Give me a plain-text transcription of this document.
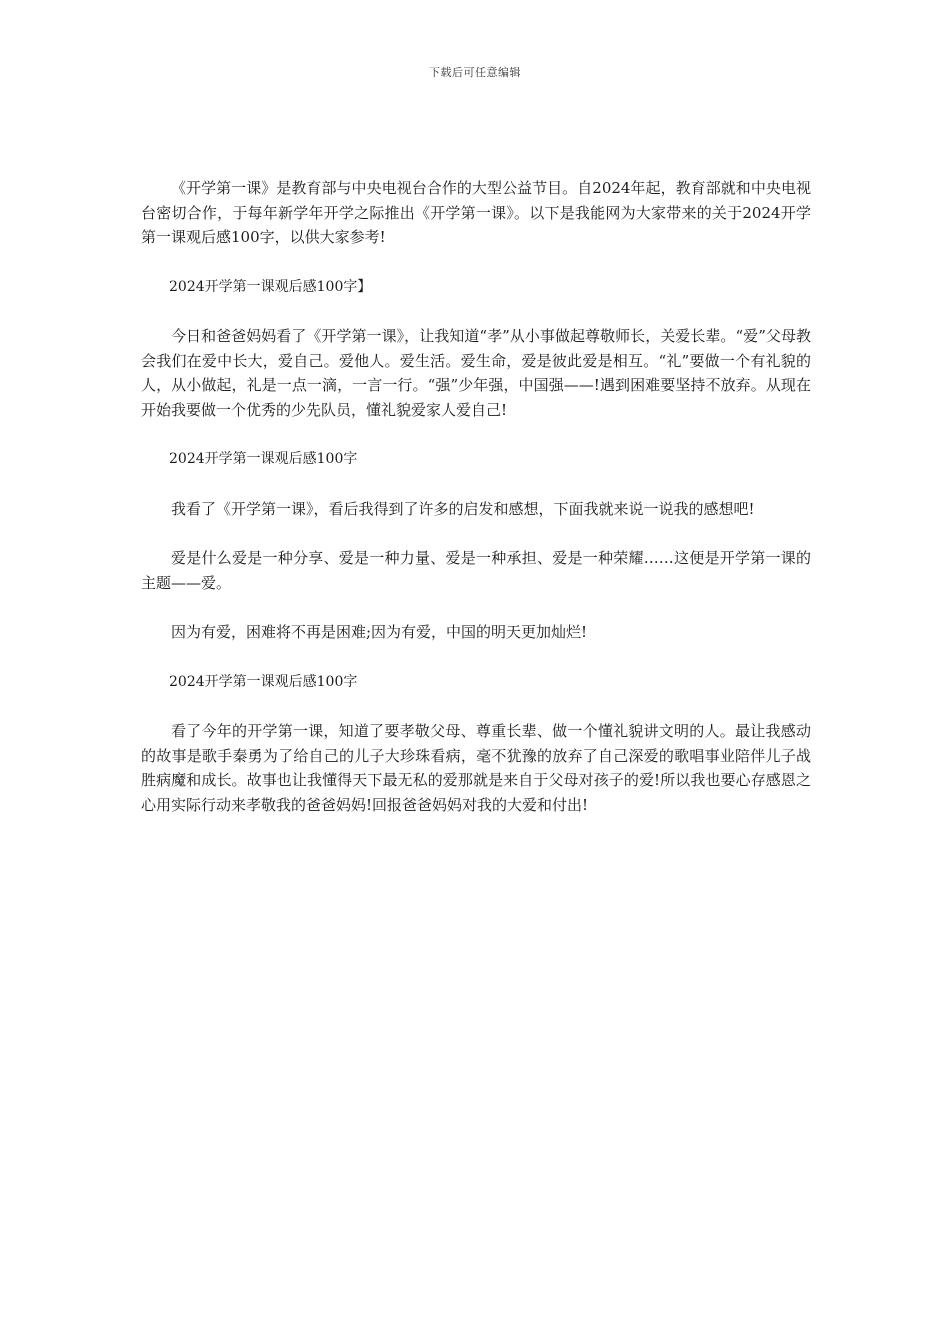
下载后可任意编辑

《开学第一课》是教育部与中央电视台合作的大型公益节目。自2024年起，教育部就和中央电视台密切合作，于每年新学年开学之际推出《开学第一课》。以下是我能网为大家带来的关于2024开学第一课观后感100字，以供大家参考!

2024开学第一课观后感100字】

今日和爸爸妈妈看了《开学第一课》，让我知道“孝”从小事做起尊敬师长，关爱长辈。“爱”父母教会我们在爱中长大，爱自己。爱他人。爱生活。爱生命，爱是彼此爱是相互。“礼”要做一个有礼貌的人，从小做起，礼是一点一滴，一言一行。“强”少年强，中国强——!遇到困难要坚持不放弃。从现在开始我要做一个优秀的少先队员，懂礼貌爱家人爱自己!

2024开学第一课观后感100字

我看了《开学第一课》，看后我得到了许多的启发和感想，下面我就来说一说我的感想吧!

爱是什么爱是一种分享、爱是一种力量、爱是一种承担、爱是一种荣耀……这便是开学第一课的主题——爱。

因为有爱，困难将不再是困难;因为有爱，中国的明天更加灿烂!

2024开学第一课观后感100字

看了今年的开学第一课，知道了要孝敬父母、尊重长辈、做一个懂礼貌讲文明的人。最让我感动的故事是歌手秦勇为了给自己的儿子大珍珠看病，毫不犹豫的放弃了自己深爱的歌唱事业陪伴儿子战胜病魔和成长。故事也让我懂得天下最无私的爱那就是来自于父母对孩子的爱!所以我也要心存感恩之心用实际行动来孝敬我的爸爸妈妈!回报爸爸妈妈对我的大爱和付出!
